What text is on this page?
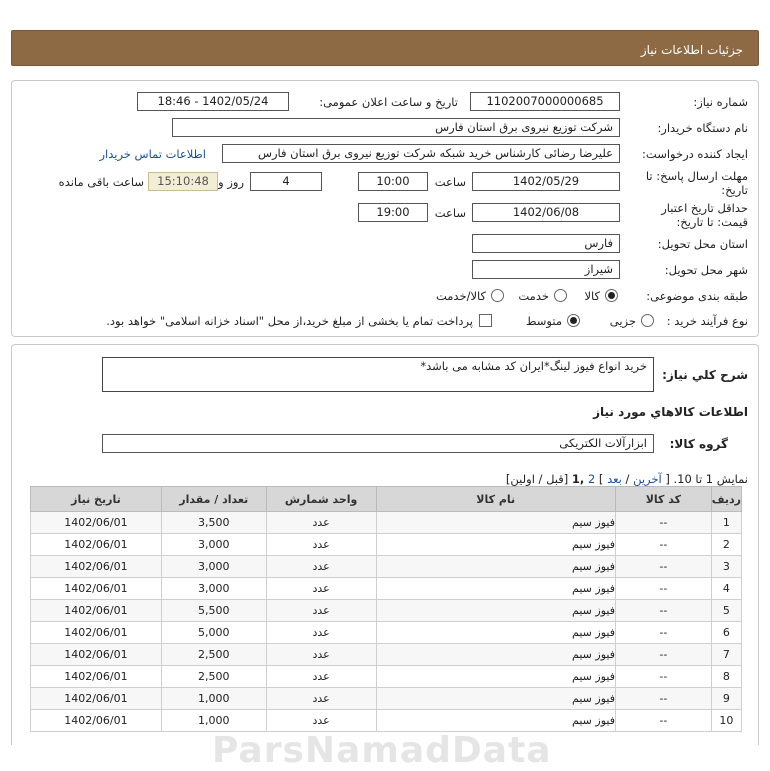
جزئیات اطلاعات نیاز
شماره نیاز:
1102007000000685
تاریخ و ساعت اعلان عمومی:
1402/05/24 - 18:46
نام دستگاه خریدار:
شرکت توزیع نیروی برق استان فارس
ایجاد کننده درخواست:
علیرضا رضائی کارشناس خرید شبکه شرکت توزیع نیروی برق استان فارس
اطلاعات تماس خریدار
مهلت ارسال پاسخ: تا
تاریخ:
1402/05/29
ساعت
10:00
4
روز و
15:10:48
ساعت باقی مانده
حداقل تاریخ اعتبار
قیمت: تا تاریخ:
1402/06/08
ساعت
19:00
استان محل تحویل:
فارس
شهر محل تحویل:
شیراز
طبقه بندی موضوعی:
کالا
خدمت
کالا/خدمت
نوع فرآیند خرید :
جزیی
متوسط
پرداخت تمام یا بخشی از مبلغ خرید،از محل "اسناد خزانه اسلامی" خواهد بود.
شرح کلي نياز:
خرید انواع فیوز لینگ*ایران کد مشابه می باشد*
اطلاعات کالاهاي مورد نياز
گروه کالا:
ابزارآلات الکتریکی
نمایش 1 تا 10. [ آخرین / بعد ] 2 ,1 [قبل / اولین]
ردیف	کد کالا	نام کالا	واحد شمارش	تعداد / مقدار	تاریخ نیاز
1	--	فیوز سیم	عدد	3,500	1402/06/01
2	--	فیوز سیم	عدد	3,000	1402/06/01
3	--	فیوز سیم	عدد	3,000	1402/06/01
4	--	فیوز سیم	عدد	3,000	1402/06/01
5	--	فیوز سیم	عدد	5,500	1402/06/01
6	--	فیوز سیم	عدد	5,000	1402/06/01
7	--	فیوز سیم	عدد	2,500	1402/06/01
8	--	فیوز سیم	عدد	2,500	1402/06/01
9	--	فیوز سیم	عدد	1,000	1402/06/01
10	--	فیوز سیم	عدد	1,000	1402/06/01
ParsNamadData
